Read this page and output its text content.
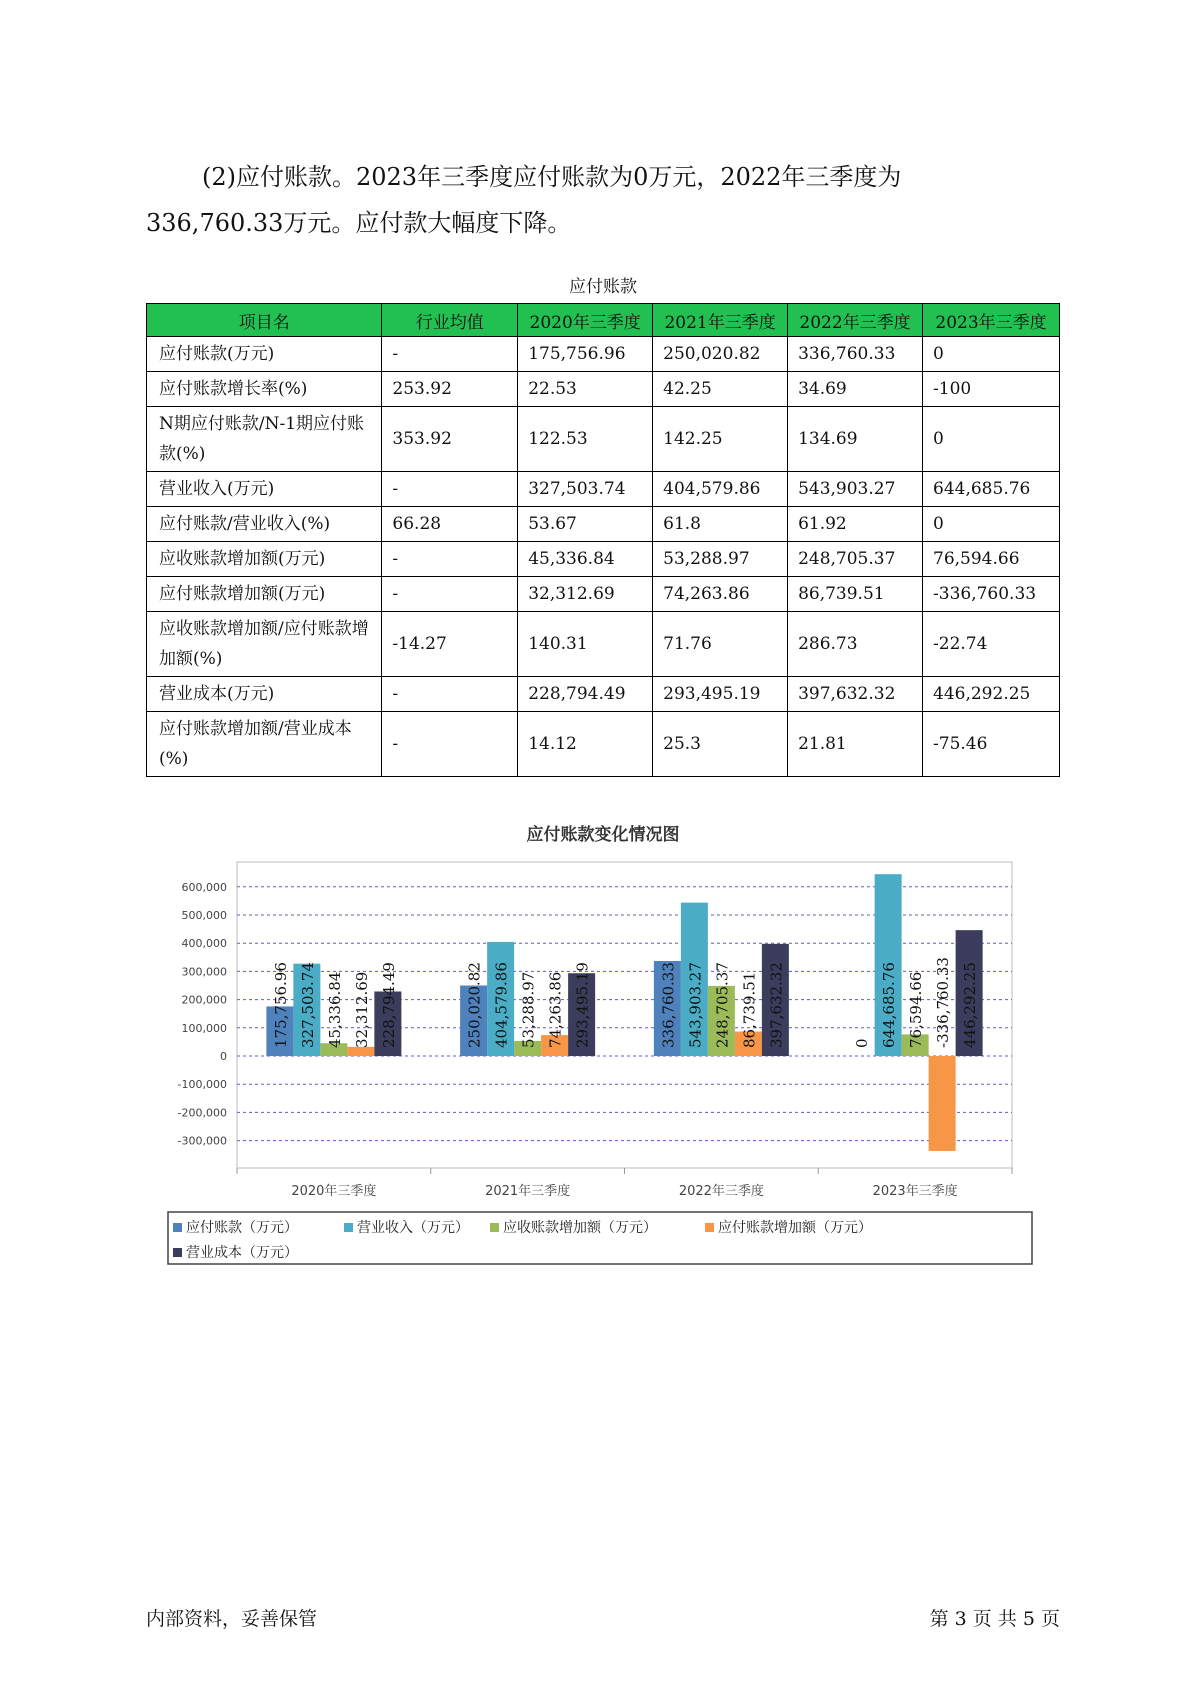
(2)应付账款。2023年三季度应付账款为0万元，2022年三季度为
336,760.33万元。应付款大幅度下降。
应付账款
项目名	行业均值	2020年三季度	2021年三季度	2022年三季度	2023年三季度
应付账款(万元)	-	175,756.96	250,020.82	336,760.33	0
应付账款增长率(%)	253.92	22.53	42.25	34.69	-100
N期应付账款/N-1期应付账款(%)	353.92	122.53	142.25	134.69	0
营业收入(万元)	-	327,503.74	404,579.86	543,903.27	644,685.76
应付账款/营业收入(%)	66.28	53.67	61.8	61.92	0
应收账款增加额(万元)	-	45,336.84	53,288.97	248,705.37	76,594.66
应付账款增加额(万元)	-	32,312.69	74,263.86	86,739.51	-336,760.33
应收账款增加额/应付账款增加额(%)	-14.27	140.31	71.76	286.73	-22.74
营业成本(万元)	-	228,794.49	293,495.19	397,632.32	446,292.25
应付账款增加额/营业成本(%)	-	14.12	25.3	21.81	-75.46
应付账款变化情况图
600,000
500,000
400,000
300,000
200,000
100,000
0
-100,000
-200,000
-300,000
175,756.96 327,503.74 45,336.84 32,312.69 228,794.49
2020年三季度
250,020.82 404,579.86 53,288.97 74,263.86 293,495.19
2021年三季度
336,760.33 543,903.27 248,705.37 86,739.51 397,632.32
2022年三季度
0 644,685.76 76,594.66 -336,760.33 446,292.25
2023年三季度
应付账款（万元）	营业收入（万元） 应收账款增加额（万元）	应付账款增加额（万元）
营业成本（万元）
内部资料，妥善保管	第 3 页 共 5 页
